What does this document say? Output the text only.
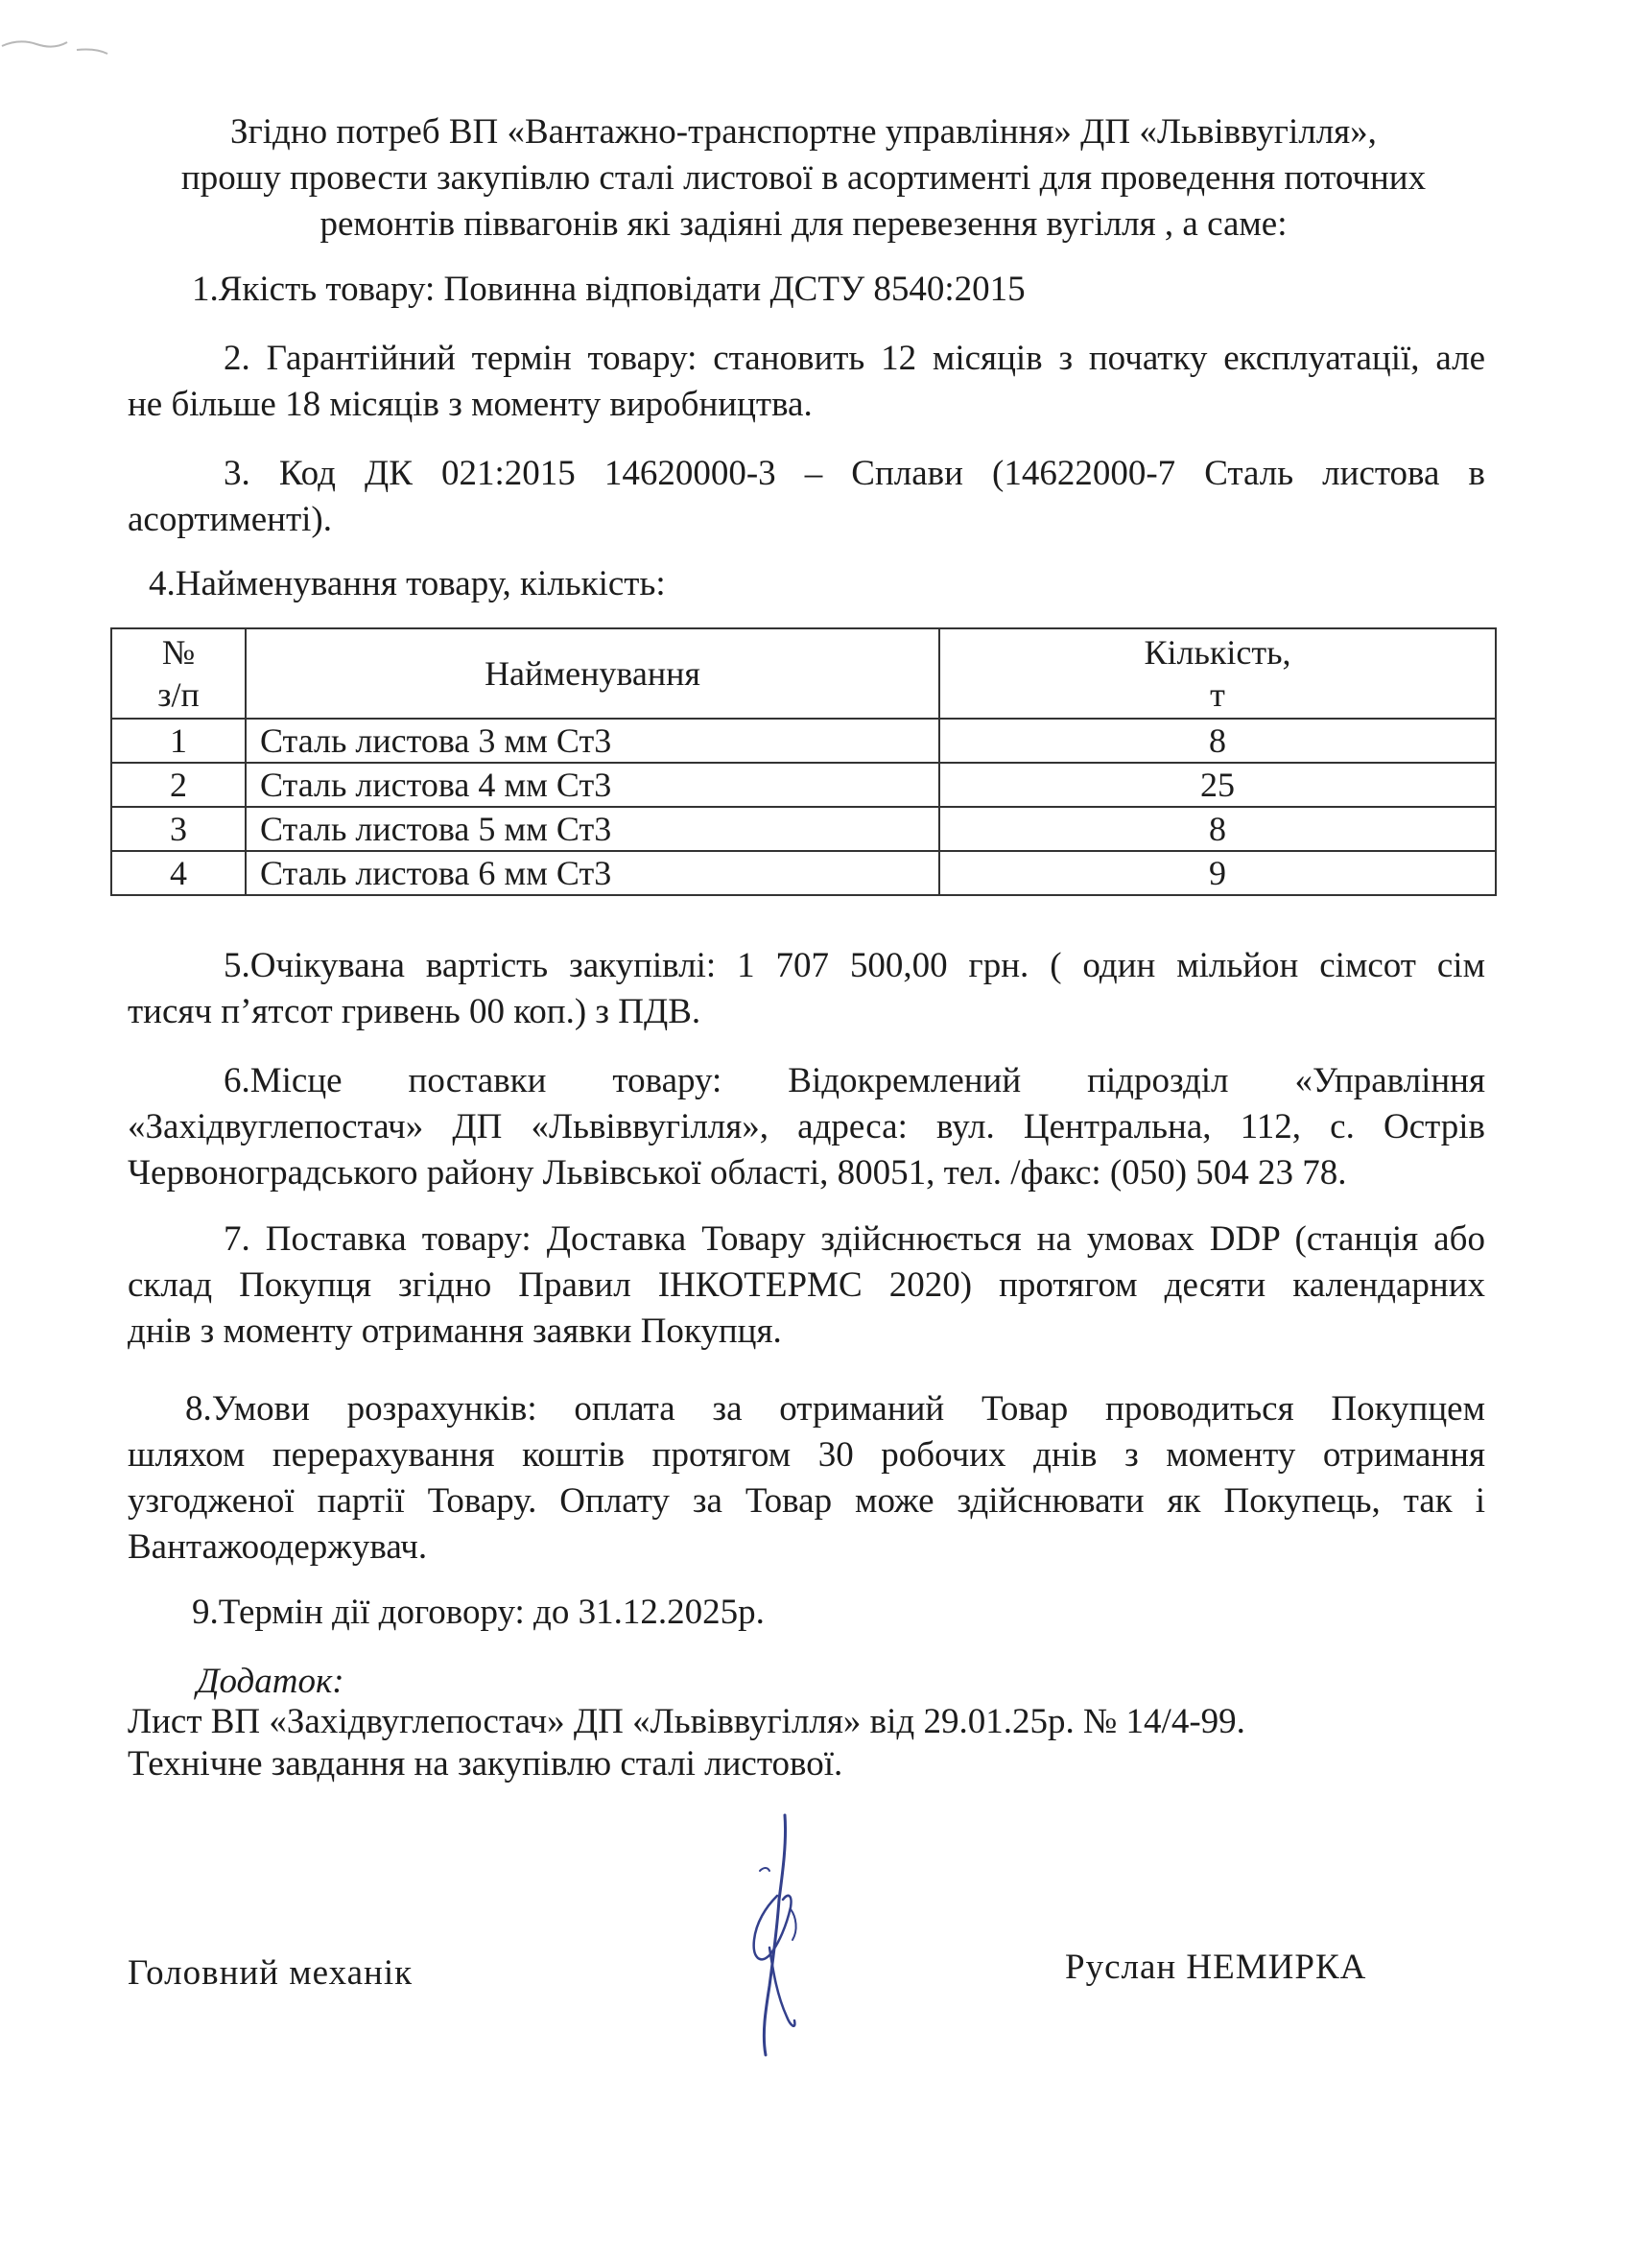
Згідно потреб ВП «Вантажно-транспортне управління» ДП «Львіввугілля»,
прошу провести закупівлю сталі листової в асортименті для проведення поточних
ремонтів піввагонів які задіяні для перевезення вугілля , а саме:

1.Якість товару: Повинна відповідати ДСТУ 8540:2015

2. Гарантійний термін товару: становить 12 місяців з початку експлуатації, але
не більше 18 місяців з моменту виробництва.

3. Код ДК 021:2015 14620000-3 – Сплави (14622000-7 Сталь листова в
асортименті).

4.Найменування товару, кількість:

№
з/п	Найменування	Кількість,
т

1	Сталь листова 3 мм Ст3	8
2	Сталь листова 4 мм Ст3	25
3	Сталь листова 5 мм Ст3	8
4	Сталь листова 6 мм Ст3	9

5.Очікувана вартість закупівлі: 1 707 500,00 грн. ( один мільйон сімсот сім
тисяч п’ятсот гривень 00 коп.) з ПДВ.

6.Місце поставки товару: Відокремлений підрозділ «Управління
«Західвуглепостач» ДП «Львіввугілля», адреса: вул. Центральна, 112, с. Острів
Червоноградського району Львівської області, 80051, тел. /факс: (050) 504 23 78.

7. Поставка товару: Доставка Товару здійснюється на умовах DDP (станція або
склад Покупця згідно Правил ІНКОТЕРМС 2020) протягом десяти календарних
днів з моменту отримання заявки Покупця.

8.Умови розрахунків: оплата за отриманий Товар проводиться Покупцем
шляхом перерахування коштів протягом 30 робочих днів з моменту отримання
узгодженої партії Товару. Оплату за Товар може здійснювати як Покупець, так і
Вантажоодержувач.

9.Термін дії договору: до 31.12.2025р.

Додаток:

Лист ВП «Західвуглепостач» ДП «Львіввугілля» від 29.01.25р. № 14/4-99.

Технічне завдання на закупівлю сталі листової.

Головний механік	Руслан НЕМИРКА
